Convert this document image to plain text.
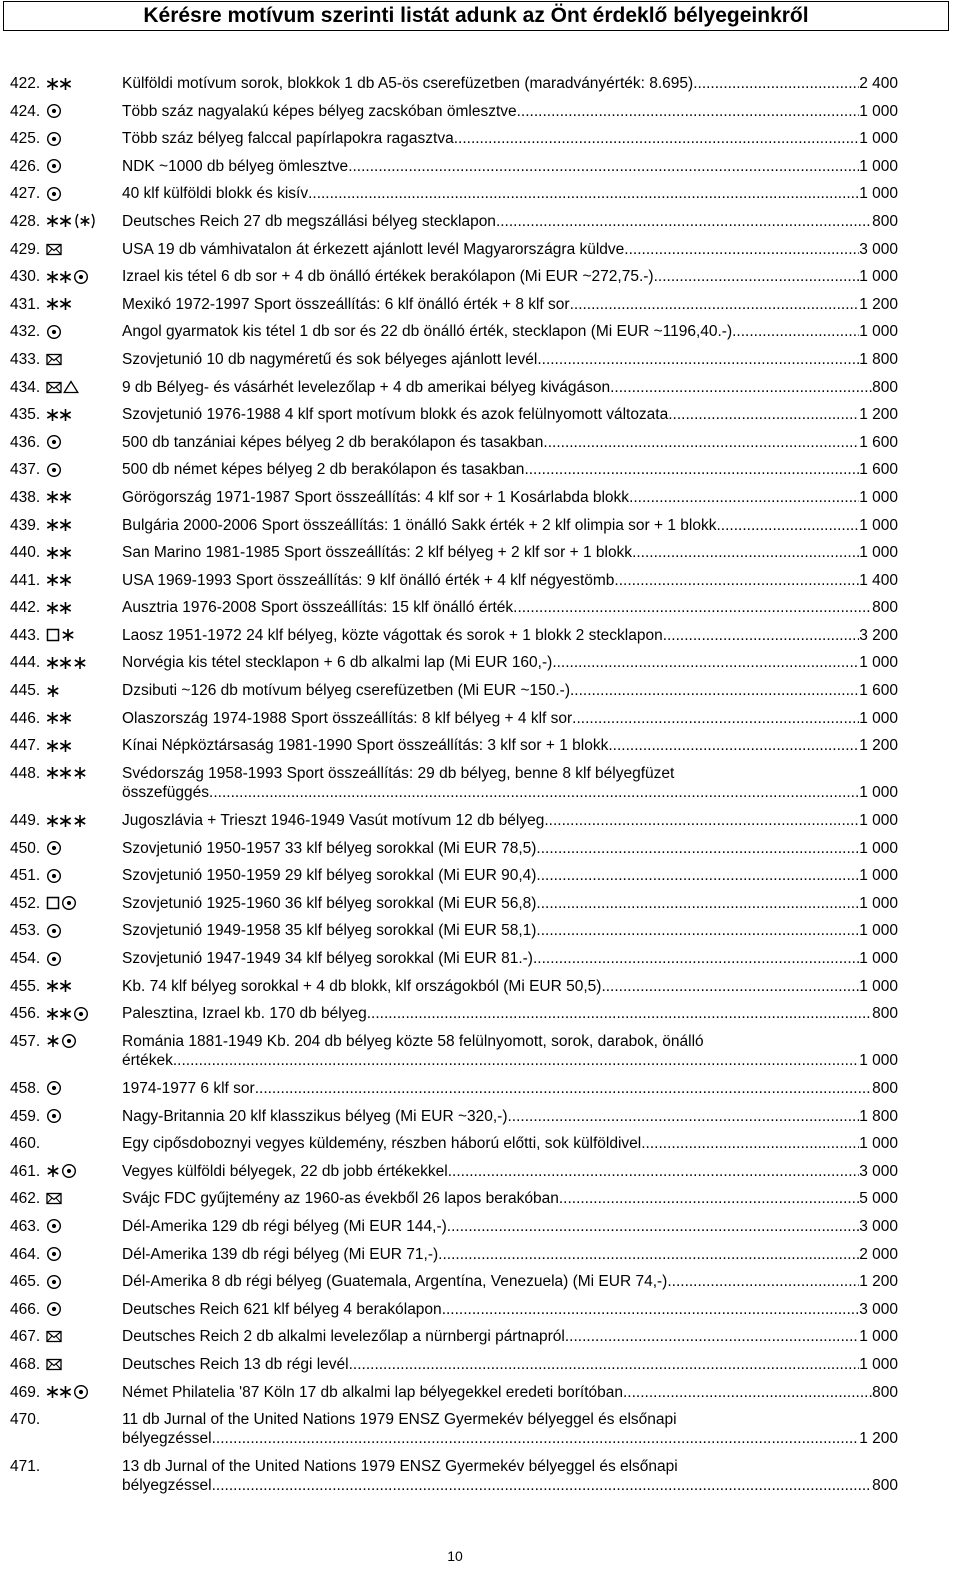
Kérésre motívum szerinti listát adunk az Önt érdeklő bélyegeinkről
422.	Külföldi motívum sorok, blokkok 1 db A5-ös cserefüzetben (maradványérték: 8.695) .....	2 400
424.	Több száz nagyalakú képes bélyeg zacskóban ömlesztve .....	1 000
425.	Több száz bélyeg falccal papírlapokra ragasztva .....	1 000
426.	NDK ~1000 db bélyeg ömlesztve .....	1 000
427.	40 klf külföldi blokk és kisív .....	1 000
428.	Deutsches Reich 27 db megszállási bélyeg stecklapon .....	800
429.	USA 19 db vámhivatalon át érkezett ajánlott levél Magyarországra küldve .....	3 000
430.	Izrael kis tétel 6 db sor + 4 db önálló értékek berakólapon (Mi EUR ~272,75.-) .....	1 000
431.	Mexikó 1972-1997 Sport összeállítás: 6 klf önálló érték + 8 klf sor .....	1 200
432.	Angol gyarmatok kis tétel 1 db sor és 22 db önálló érték, stecklapon (Mi EUR ~1196,40.-) .....	1 000
433.	Szovjetunió 10 db nagyméretű és sok bélyeges ajánlott levél .....	1 800
434.	9 db Bélyeg- és vásárhét levelezőlap + 4 db amerikai bélyeg kivágáson .....	800
435.	Szovjetunió 1976-1988 4 klf sport motívum blokk és azok felülnyomott változata .....	1 200
436.	500 db tanzániai képes bélyeg 2 db berakólapon és tasakban .....	1 600
437.	500 db német képes bélyeg 2 db berakólapon és tasakban .....	1 600
438.	Görögország 1971-1987 Sport összeállítás: 4 klf sor + 1 Kosárlabda blokk .....	1 000
439.	Bulgária 2000-2006 Sport összeállítás: 1 önálló Sakk érték + 2 klf olimpia sor + 1 blokk .....	1 000
440.	San Marino 1981-1985 Sport összeállítás: 2 klf bélyeg + 2 klf sor + 1 blokk .....	1 000
441.	USA 1969-1993 Sport összeállítás: 9 klf önálló érték + 4 klf négyestömb .....	1 400
442.	Ausztria 1976-2008 Sport összeállítás: 15 klf önálló érték .....	800
443.	Laosz 1951-1972 24 klf bélyeg, közte vágottak és sorok + 1 blokk 2 stecklapon .....	3 200
444.	Norvégia kis tétel stecklapon + 6 db alkalmi lap (Mi EUR 160,-) .....	1 000
445.	Dzsibuti ~126 db motívum bélyeg cserefüzetben (Mi EUR ~150.-) .....	1 600
446.	Olaszország 1974-1988 Sport összeállítás: 8 klf bélyeg + 4 klf sor .....	1 000
447.	Kínai Népköztársaság 1981-1990 Sport összeállítás: 3 klf sor + 1 blokk .....	1 200
448.	Svédország 1958-1993 Sport összeállítás: 29 db bélyeg, benne 8 klf bélyegfüzet
összefüggés .....	1 000
449.	Jugoszlávia + Trieszt 1946-1949 Vasút motívum 12 db bélyeg .....	1 000
450.	Szovjetunió 1950-1957 33 klf bélyeg sorokkal (Mi EUR 78,5) .....	1 000
451.	Szovjetunió 1950-1959 29 klf bélyeg sorokkal (Mi EUR 90,4) .....	1 000
452.	Szovjetunió 1925-1960 36 klf bélyeg sorokkal (Mi EUR 56,8) .....	1 000
453.	Szovjetunió 1949-1958 35 klf bélyeg sorokkal (Mi EUR 58,1) .....	1 000
454.	Szovjetunió 1947-1949 34 klf bélyeg sorokkal (Mi EUR 81.-) .....	1 000
455.	Kb. 74 klf bélyeg sorokkal + 4 db blokk, klf országokból (Mi EUR 50,5) .....	1 000
456.	Palesztina, Izrael kb. 170 db bélyeg .....	800
457.	Románia 1881-1949 Kb. 204 db bélyeg közte 58 felülnyomott, sorok, darabok, önálló
értékek .....	1 000
458.	1974-1977 6 klf sor .....	800
459.	Nagy-Britannia 20 klf klasszikus bélyeg (Mi EUR ~320,-) .....	1 800
460.	Egy cipősdoboznyi vegyes küldemény, részben háború előtti, sok külföldivel .....	1 000
461.	Vegyes külföldi bélyegek, 22 db jobb értékekkel .....	3 000
462.	Svájc FDC gyűjtemény az 1960-as évekből 26 lapos berakóban .....	5 000
463.	Dél-Amerika 129 db régi bélyeg (Mi EUR 144,-) .....	3 000
464.	Dél-Amerika 139 db régi bélyeg (Mi EUR 71,-) .....	2 000
465.	Dél-Amerika 8 db régi bélyeg (Guatemala, Argentína, Venezuela) (Mi EUR 74,-) .....	1 200
466.	Deutsches Reich 621 klf bélyeg 4 berakólapon .....	3 000
467.	Deutsches Reich 2 db alkalmi levelezőlap a nürnbergi pártnapról .....	1 000
468.	Deutsches Reich 13 db régi levél .....	1 000
469.	Német Philatelia '87 Köln 17 db alkalmi lap bélyegekkel eredeti borítóban .....	800
470.	11 db Jurnal of the United Nations 1979 ENSZ Gyermekév bélyeggel és elsőnapi
bélyegzéssel .....	1 200
471.	13 db Jurnal of the United Nations 1979 ENSZ Gyermekév bélyeggel és elsőnapi
bélyegzéssel .....	800
10
